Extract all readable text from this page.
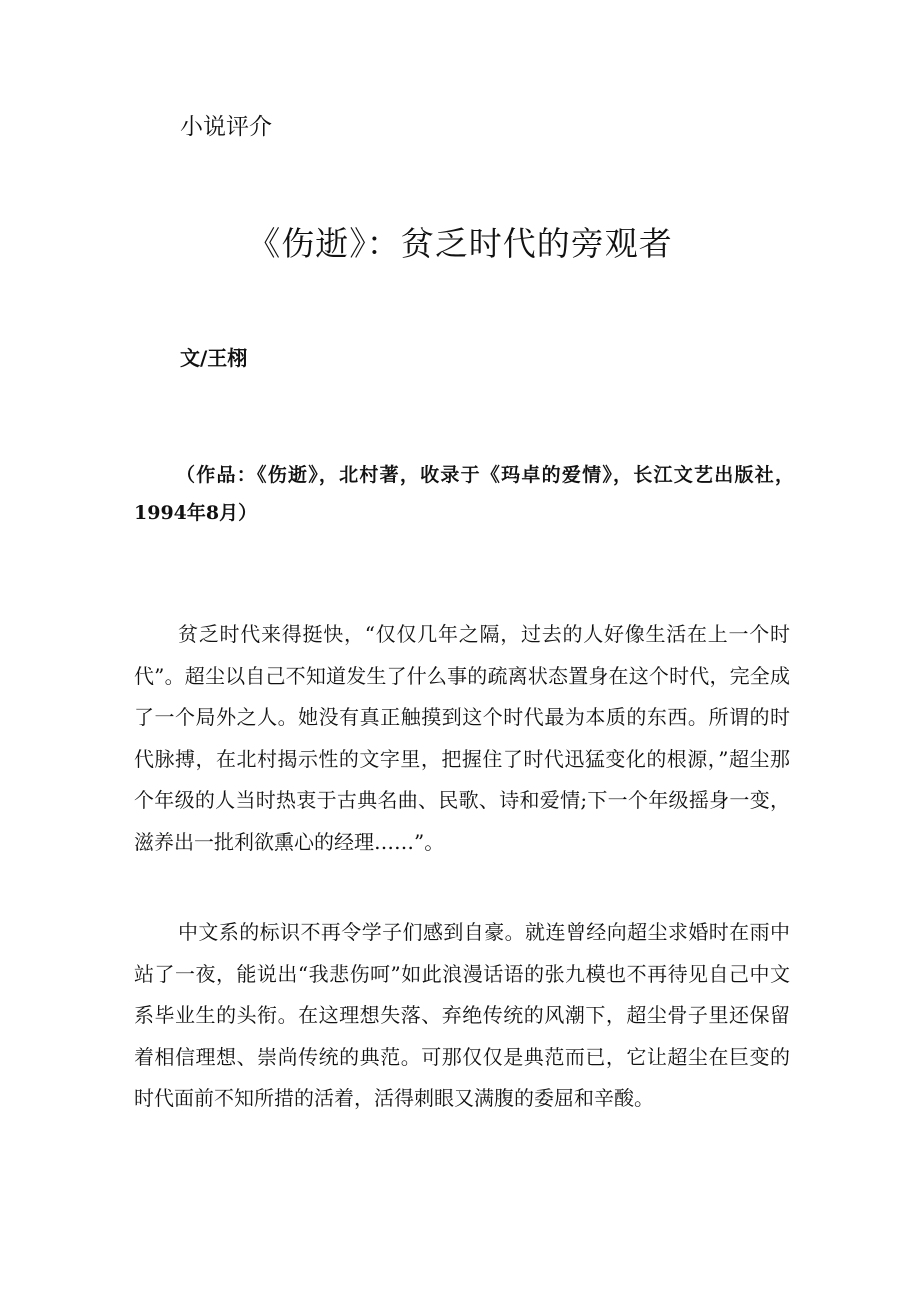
小说评介
《伤逝》：贫乏时代的旁观者
文/王栩

（作品：《伤逝》，北村著，收录于《玛卓的爱情》，长江文艺出版社，1994年8月）

贫乏时代来得挺快，“仅仅几年之隔，过去的人好像生活在上一个时代”。超尘以自己不知道发生了什么事的疏离状态置身在这个时代，完全成了一个局外之人。她没有真正触摸到这个时代最为本质的东西。所谓的时代脉搏，在北村揭示性的文字里，把握住了时代迅猛变化的根源，”超尘那个年级的人当时热衷于古典名曲、民歌、诗和爱情;下一个年级摇身一变，滋养出一批利欲熏心的经理……”。

中文系的标识不再令学子们感到自豪。就连曾经向超尘求婚时在雨中站了一夜，能说出“我悲伤呵”如此浪漫话语的张九模也不再待见自己中文系毕业生的头衔。在这理想失落、弃绝传统的风潮下，超尘骨子里还保留着相信理想、崇尚传统的典范。可那仅仅是典范而已，它让超尘在巨变的时代面前不知所措的活着，活得刺眼又满腹的委屈和辛酸。
